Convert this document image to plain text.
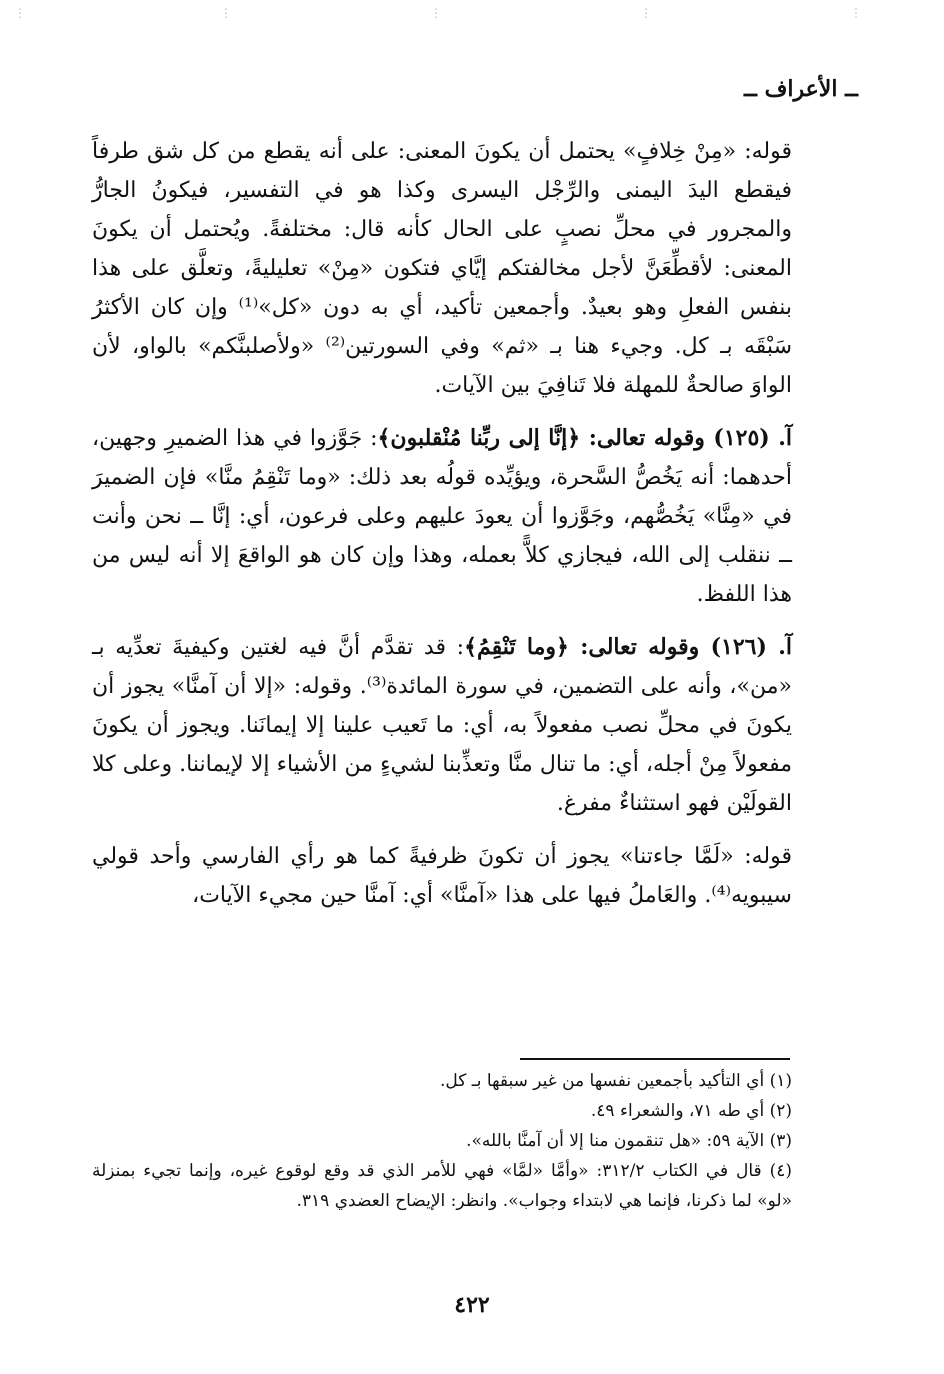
⋮	⋮	⋮	⋮	⋮
ــ الأعراف ــ

قوله: «مِنْ خِلافٍ» يحتمل أن يكونَ المعنى: على أنه يقطع من كل شق طرفاً فيقطع اليدَ اليمنى والرِّجْل اليسرى وكذا هو في التفسير، فيكونُ الجارُّ والمجرور في محلِّ نصبٍ على الحال كأنه قال: مختلفةً. ويُحتمل أن يكونَ المعنى: لأقطِّعَنَّ لأجل مخالفتكم إيَّاي فتكون «مِنْ» تعليليةً، وتعلَّق على هذا بنفس الفعلِ وهو بعيدٌ. وأجمعين تأكيد، أي به دون «كل»⁽¹⁾ وإن كان الأكثرُ سَبْقَه بـ كل. وجيء هنا بـ «ثم» وفي السورتين⁽²⁾ «ولأصلبنَّكم» بالواو، لأن الواوَ صالحةٌ للمهلة فلا تَنافِيَ بين الآيات.

آ. (١٢٥) وقوله تعالى: ﴿إنَّا إلى ربِّنا مُنْقلبون﴾: جَوَّزوا في هذا الضميرِ وجهين، أحدهما: أنه يَخُصُّ السَّحرة، ويؤيِّده قولُه بعد ذلك: «وما تَنْقِمُ منَّا» فإن الضميرَ في «مِنَّا» يَخُصُّهم، وجَوَّزوا أن يعودَ عليهم وعلى فرعون، أي: إنَّا ــ نحن وأنت ــ ننقلب إلى الله، فيجازي كلاًّ بعمله، وهذا وإن كان هو الواقعَ إلا أنه ليس من هذا اللفظ.

آ. (١٢٦) وقوله تعالى: ﴿وما تَنْقِمُ﴾: قد تقدَّم أنَّ فيه لغتين وكيفيةَ تعدِّيه بـ «من»، وأنه على التضمين، في سورة المائدة⁽³⁾. وقوله: «إلا أن آمنَّا» يجوز أن يكونَ في محلِّ نصب مفعولاً به، أي: ما تَعيب علينا إلا إيمانَنا. ويجوز أن يكونَ مفعولاً مِنْ أجله، أي: ما تنال منَّا وتعذِّبنا لشيءٍ من الأشياء إلا لإيماننا. وعلى كلا القولَيْن فهو استثناءٌ مفرغ.

قوله: «لَمَّا جاءتنا» يجوز أن تكونَ ظرفيةً كما هو رأي الفارسي وأحد قولي سيبويه⁽⁴⁾. والعَاملُ فيها على هذا «آمنَّا» أي: آمنَّا حين مجيء الآيات،

(١) أي التأكيد بأجمعين نفسها من غير سبقها بـ كل.

(٢) أي طه ٧١، والشعراء ٤٩.

(٣) الآية ٥٩: «هل تنقمون منا إلا أن آمنَّا بالله».

(٤) قال في الكتاب ٣١٢/٢: «وأمَّا «لمَّا» فهي للأمر الذي قد وقع لوقوع غيره، وإنما تجيء بمنزلة «لو» لما ذكرنا، فإنما هي لابتداء وجواب». وانظر: الإيضاح العضدي ٣١٩.

٤٢٢
